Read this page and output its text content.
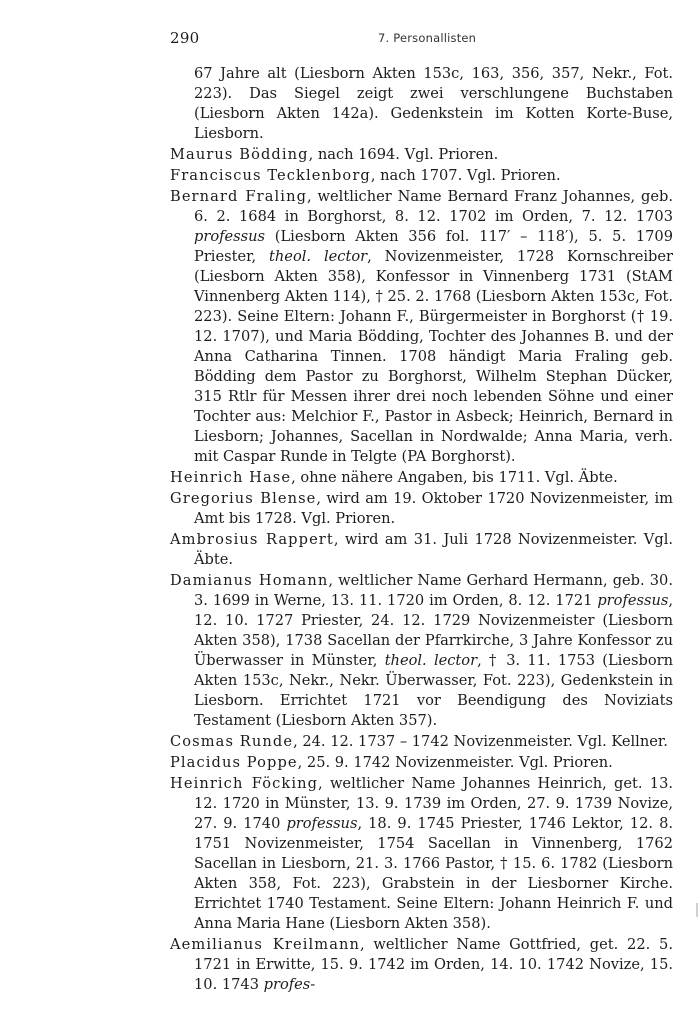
290	7. Personallisten

67 Jahre alt (Liesborn Akten 153c, 163, 356, 357, Nekr., Fot. 223). Das Siegel zeigt zwei verschlungene Buchstaben (Liesborn Akten 142a). Gedenkstein im Kotten Korte-Buse, Liesborn.

Maurus Bödding, nach 1694. Vgl. Prioren.

Franciscus Tecklenborg, nach 1707. Vgl. Prioren.

Bernard Fraling, weltlicher Name Bernard Franz Johannes, geb. 6. 2. 1684 in Borghorst, 8. 12. 1702 im Orden, 7. 12. 1703 professus (Liesborn Akten 356 fol. 117′ – 118′), 5. 5. 1709 Priester, theol. lector, Novizenmeister, 1728 Kornschreiber (Liesborn Akten 358), Konfessor in Vinnenberg 1731 (StAM Vinnenberg Akten 114), † 25. 2. 1768 (Liesborn Akten 153c, Fot. 223). Seine Eltern: Johann F., Bürgermeister in Borghorst († 19. 12. 1707), und Maria Bödding, Tochter des Johannes B. und der Anna Catharina Tinnen. 1708 händigt Maria Fraling geb. Bödding dem Pastor zu Borghorst, Wilhelm Stephan Dücker, 315 Rtlr für Messen ihrer drei noch lebenden Söhne und einer Tochter aus: Melchior F., Pastor in Asbeck; Heinrich, Bernard in Liesborn; Johannes, Sacellan in Nordwalde; Anna Maria, verh. mit Caspar Runde in Telgte (PA Borghorst).

Heinrich Hase, ohne nähere Angaben, bis 1711. Vgl. Äbte.

Gregorius Blense, wird am 19. Oktober 1720 Novizenmeister, im Amt bis 1728. Vgl. Prioren.

Ambrosius Rappert, wird am 31. Juli 1728 Novizenmeister. Vgl. Äbte.

Damianus Homann, weltlicher Name Gerhard Hermann, geb. 30. 3. 1699 in Werne, 13. 11. 1720 im Orden, 8. 12. 1721 professus, 12. 10. 1727 Priester, 24. 12. 1729 Novizenmeister (Liesborn Akten 358), 1738 Sacellan der Pfarrkirche, 3 Jahre Konfessor zu Überwasser in Münster, theol. lector, † 3. 11. 1753 (Liesborn Akten 153c, Nekr., Nekr. Überwasser, Fot. 223), Gedenkstein in Liesborn. Errichtet 1721 vor Beendigung des Noviziats Testament (Liesborn Akten 357).

Cosmas Runde, 24. 12. 1737 – 1742 Novizenmeister. Vgl. Kellner.

Placidus Poppe, 25. 9. 1742 Novizenmeister. Vgl. Prioren.

Heinrich Föcking, weltlicher Name Johannes Heinrich, get. 13. 12. 1720 in Münster, 13. 9. 1739 im Orden, 27. 9. 1739 Novize, 27. 9. 1740 professus, 18. 9. 1745 Priester, 1746 Lektor, 12. 8. 1751 Novizenmeister, 1754 Sacellan in Vinnenberg, 1762 Sacellan in Liesborn, 21. 3. 1766 Pastor, † 15. 6. 1782 (Liesborn Akten 358, Fot. 223), Grabstein in der Liesborner Kirche. Errichtet 1740 Testament. Seine Eltern: Johann Heinrich F. und Anna Maria Hane (Liesborn Akten 358).

Aemilianus Kreilmann, weltlicher Name Gottfried, get. 22. 5. 1721 in Erwitte, 15. 9. 1742 im Orden, 14. 10. 1742 Novize, 15. 10. 1743 profes-
